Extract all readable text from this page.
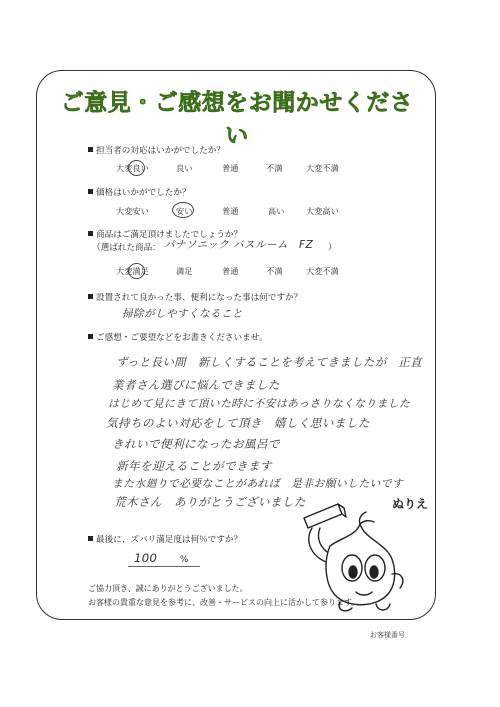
ご意見・ご感想をお聞かせください
担当者の対応はいかがでしたか？
大変良い	良い	普通	不満	大変不満
価格はいかがでしたか？
大変安い	安い	普通	高い	大変高い
商品はご満足頂けましたでしょうか？
（選ばれた商品： パナソニック バスルーム　FZ ）
大変満足	満足	普通	不満	大変不満
設置されて良かった事、便利になった事は何ですか？
掃除がしやすくなること
ご感想・ご要望などをお書きくださいませ。
ずっと長い間　新しくすることを考えてきましたが　正直
業者さん選びに悩んできました
はじめて見にきて頂いた時に不安はあっさりなくなりました
気持ちのよい対応をして頂き　嬉しく思いました
きれいで便利になったお風呂で
新年を迎えることができます
また水廻りで必要なことがあれば　是非お願いしたいです
荒木さん　ありがとうございました
最後に、ズバリ満足度は何％ですか？
100	%
ぬりえ
ご協力頂き、誠にありがとうございました。
お客様の貴重な意見を参考に、改善・サービスの向上に活かして参ります。
お客様番号
